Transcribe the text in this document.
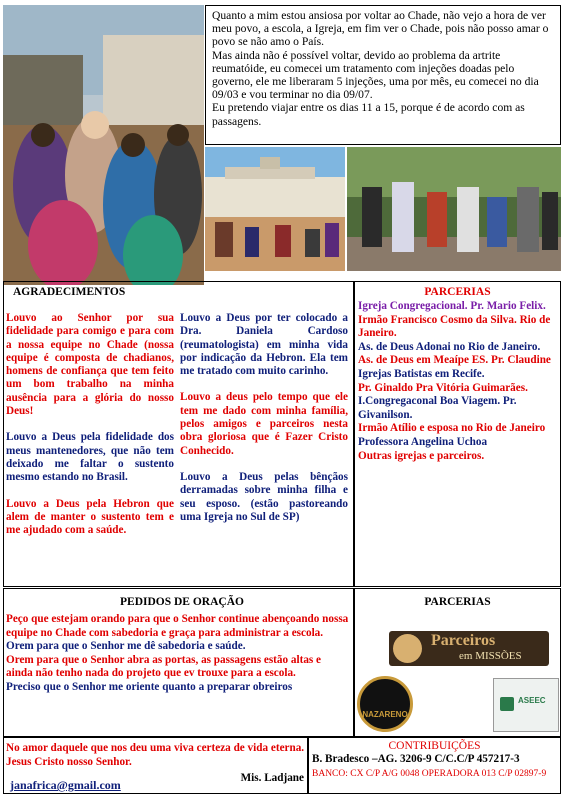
Quanto a mim estou ansiosa por voltar ao Chade, não vejo a hora de ver meu povo, a escola, a Igreja, em fim ver o Chade, pois não posso amar o povo se não amo o País.

Mas ainda não é possível voltar, devido ao problema da artrite reumatóide, eu comecei um tratamento com injeções doadas pelo governo, ele me liberaram 5 injeções, uma por mês, eu comecei no dia 09/03 e vou terminar no dia 09/07.

Eu pretendo viajar entre os dias 11 a 15, porque é de acordo com as passagens.

AGRADECIMENTOS

Louvo ao Senhor por sua fidelidade para comigo e para com a nossa equipe no Chade (nossa equipe é composta de chadianos, homens de confiança que tem feito um bom trabalho na minha ausência para a glória do nosso Deus!

Louvo a Deus pela fidelidade dos meus mantenedores, que não tem deixado me faltar o sustento mesmo estando no Brasil.

Louvo a Deus pela Hebron que alem de manter o sustento tem e me ajudado com a saúde.

Louvo a Deus por ter colocado a Dra. Daniela Cardoso (reumatologista) em minha vida por indicação da Hebron. Ela tem me tratado com muito carinho.

Louvo a deus pelo tempo que ele tem me dado com minha família, pelos amigos e parceiros nesta obra gloriosa que é Fazer Cristo Conhecido.

Louvo a Deus pelas bênçãos derramadas sobre minha filha e seu esposo. (estão pastoreando uma Igreja no Sul de SP)

PARCERIAS
Igreja Congregacional. Pr. Mario Felix.
Irmão Francisco Cosmo da Silva. Rio de Janeiro.
As. de Deus Adonai no Rio de Janeiro.
As. de Deus em Meaípe ES. Pr. Claudine
Igrejas Batistas em Recife.
Pr. Ginaldo Pra Vitória Guimarães.
I.Congregaconal Boa Viagem. Pr. Givanilson.
Irmão Atílio e esposa no Rio de Janeiro
Professora Angelina Uchoa
Outras igrejas e parceiros.
PEDIDOS DE ORAÇÃO
Peço que estejam orando para que o Senhor continue abençoando nossa equipe no Chade com sabedoria e graça para administrar a escola.
Orem para que o Senhor me dê sabedoria e saúde.
Orem para que o Senhor abra as portas, as passagens estão altas e ainda não tenho nada do projeto que ev trouxe para a escola.
Preciso que o Senhor me oriente quanto a preparar obreiros
PARCERIAS
Parceiros
em MISSÕES
NAZARENO
ASEEC
No amor daquele que nos deu uma viva certeza de vida eterna. Jesus Cristo nosso Senhor.
Mis. Ladjane
janafrica@gmail.com
CONTRIBUIÇÕES
B. Bradesco –AG. 3206-9 C/C.C/P 457217-3
BANCO: CX C/P A/G 0048 OPERADORA 013 C/P 02897-9
